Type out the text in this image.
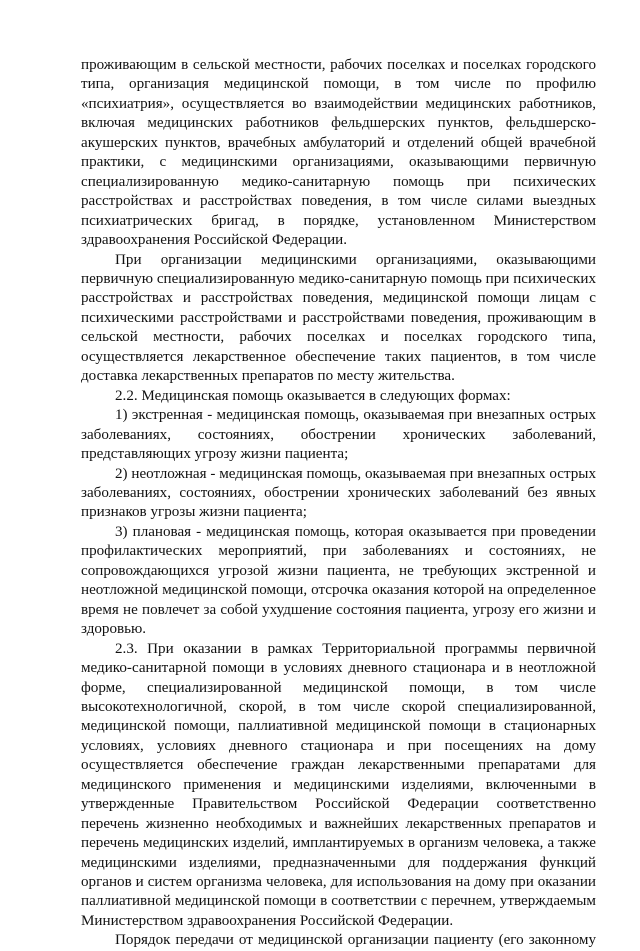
проживающим в сельской местности, рабочих поселках и поселках городского типа, организация медицинской помощи, в том числе по профилю «психиатрия», осуществляется во взаимодействии медицинских работников, включая медицинских работников фельдшерских пунктов, фельдшерско-акушерских пунктов, врачебных амбулаторий и отделений общей врачебной практики, с медицинскими организациями, оказывающими первичную специализированную медико-санитарную помощь при психических расстройствах и расстройствах поведения, в том числе силами выездных психиатрических бригад, в порядке, установленном Министерством здравоохранения Российской Федерации.

При организации медицинскими организациями, оказывающими первичную специализированную медико-санитарную помощь при психических расстройствах и расстройствах поведения, медицинской помощи лицам с психическими расстройствами и расстройствами поведения, проживающим в сельской местности, рабочих поселках и поселках городского типа, осуществляется лекарственное обеспечение таких пациентов, в том числе доставка лекарственных препаратов по месту жительства.

2.2. Медицинская помощь оказывается в следующих формах:

1) экстренная - медицинская помощь, оказываемая при внезапных острых заболеваниях, состояниях, обострении хронических заболеваний, представляющих угрозу жизни пациента;

2) неотложная - медицинская помощь, оказываемая при внезапных острых заболеваниях, состояниях, обострении хронических заболеваний без явных признаков угрозы жизни пациента;

3) плановая - медицинская помощь, которая оказывается при проведении профилактических мероприятий, при заболеваниях и состояниях, не сопровождающихся угрозой жизни пациента, не требующих экстренной и неотложной медицинской помощи, отсрочка оказания которой на определенное время не повлечет за собой ухудшение состояния пациента, угрозу его жизни и здоровью.

2.3. При оказании в рамках Территориальной программы первичной медико-санитарной помощи в условиях дневного стационара и в неотложной форме, специализированной медицинской помощи, в том числе высокотехнологичной, скорой, в том числе скорой специализированной, медицинской помощи, паллиативной медицинской помощи в стационарных условиях, условиях дневного стационара и при посещениях на дому осуществляется обеспечение граждан лекарственными препаратами для медицинского применения и медицинскими изделиями, включенными в утвержденные Правительством Российской Федерации соответственно перечень жизненно необходимых и важнейших лекарственных препаратов и перечень медицинских изделий, имплантируемых в организм человека, а также медицинскими изделиями, предназначенными для поддержания функций органов и систем организма человека, для использования на дому при оказании паллиативной медицинской помощи в соответствии с перечнем, утверждаемым Министерством здравоохранения Российской Федерации.

Порядок передачи от медицинской организации пациенту (его законному
